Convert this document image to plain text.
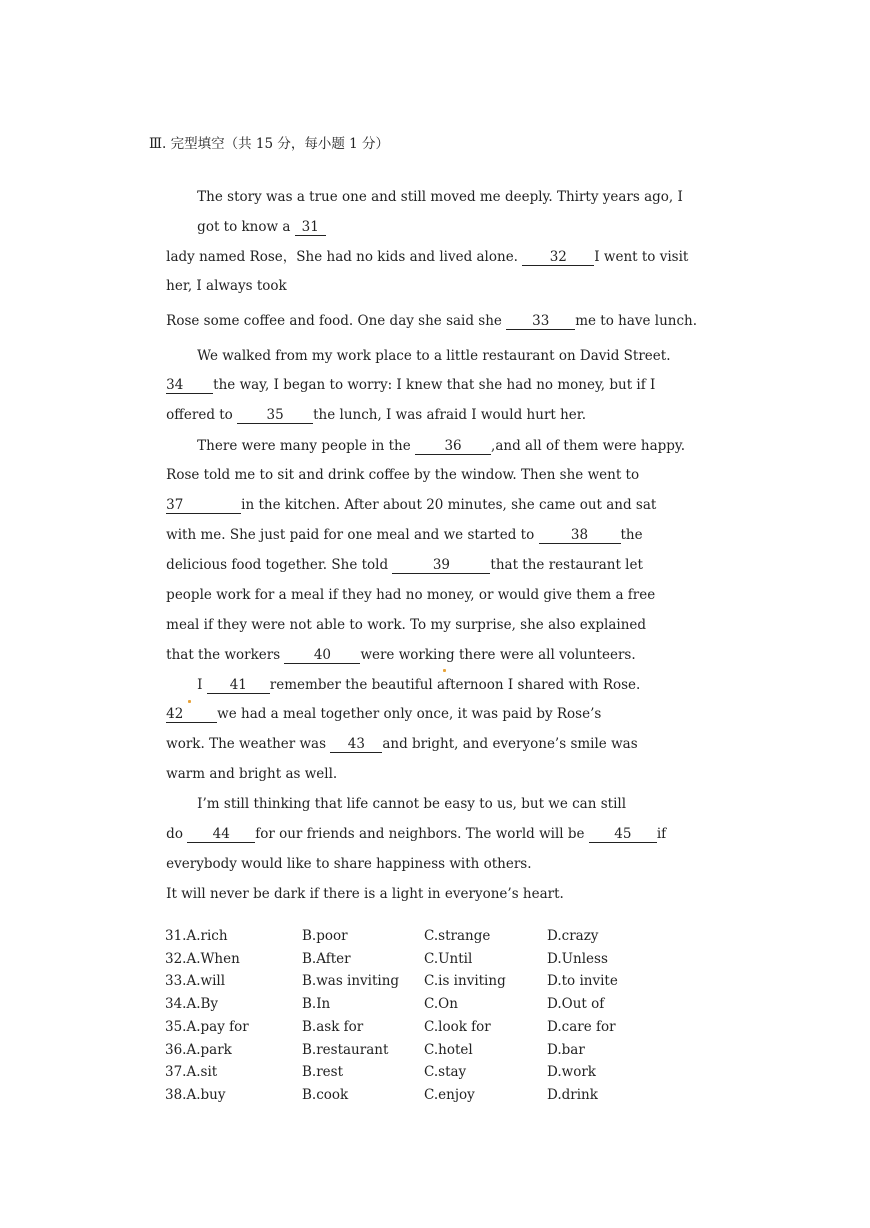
Ⅲ. 完型填空（共 15 分，每小题 1 分）

The story was a true one and still moved me deeply. Thirty years ago, I

got to know a 31

lady named Rose，She had no kids and lived alone. 32 I went to visit

her, I always took

Rose some coffee and food. One day she said she 33 me to have lunch.

We walked from my work place to a little restaurant on David Street.

34 the way, I began to worry: I knew that she had no money, but if I

offered to 35 the lunch, I was afraid I would hurt her.

There were many people in the 36 ,and all of them were happy.

Rose told me to sit and drink coffee by the window. Then she went to

37	in the kitchen. After about 20 minutes, she came out and sat

with me. She just paid for one meal and we started to 38 the

delicious food together. She told	39	that the restaurant let

people work for a meal if they had no money, or would give them a free

meal if they were not able to work. To my surprise, she also explained

that the workers 40 were working there were all volunteers.

I 41 remember the beautiful afternoon I shared with Rose.

42	we had a meal together only once, it was paid by Rose’s

work. The weather was 43 and bright, and everyone’s smile was

warm and bright as well.

I’m still thinking that life cannot be easy to us, but we can still

do 44 for our friends and neighbors. The world will be 45 if

everybody would like to share happiness with others.

It will never be dark if there is a light in everyone’s heart.

31.A.rich	B.poor	C.strange	D.crazy
32.A.When	B.After	C.Until	D.Unless
33.A.will	B.was inviting C.is inviting	D.to invite
34.A.By	B.In	C.On	D.Out of
35.A.pay for	B.ask for	C.look for	D.care for
36.A.park	B.restaurant	C.hotel	D.bar
37.A.sit	B.rest	C.stay	D.work
38.A.buy	B.cook	C.enjoy	D.drink
